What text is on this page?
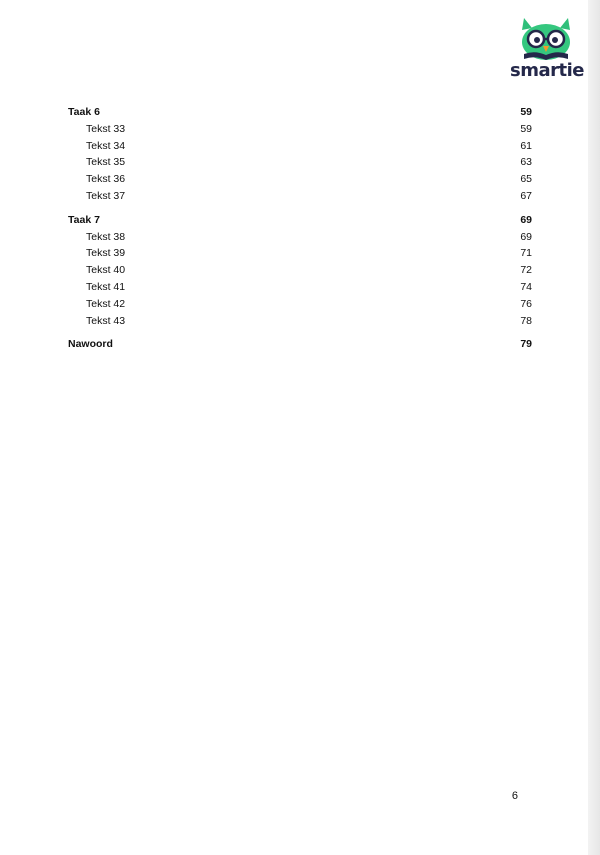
smartie
Taak 6	59
Tekst 33	59
Tekst 34	61
Tekst 35	63
Tekst 36	65
Tekst 37	67
Taak 7	69
Tekst 38	69
Tekst 39	71
Tekst 40	72
Tekst 41	74
Tekst 42	76
Tekst 43	78
Nawoord	79
6
